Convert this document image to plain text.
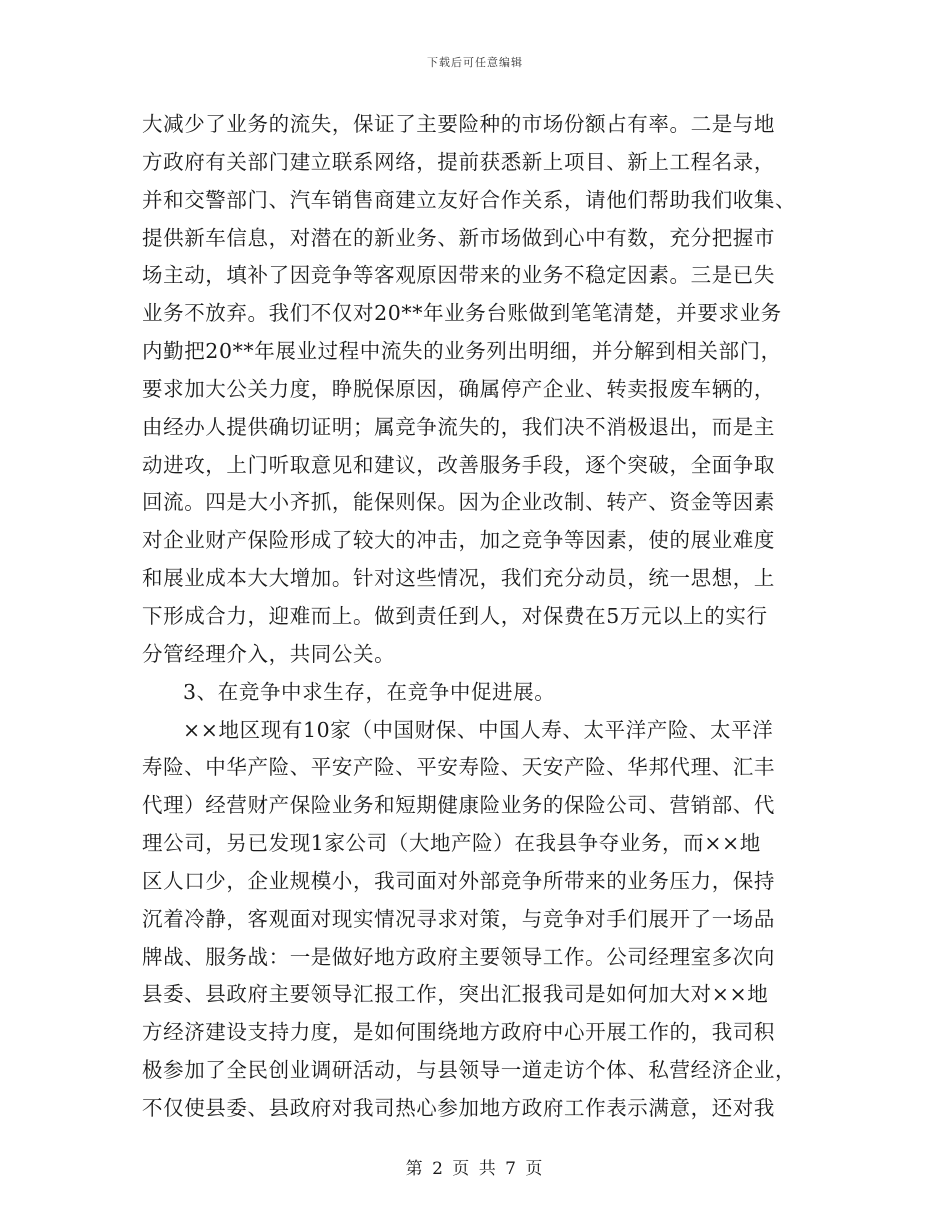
下载后可任意编辑
大减少了业务的流失，保证了主要险种的市场份额占有率。二是与地
方政府有关部门建立联系网络，提前获悉新上项目、新上工程名录，
并和交警部门、汽车销售商建立友好合作关系，请他们帮助我们收集、
提供新车信息，对潜在的新业务、新市场做到心中有数，充分把握市
场主动，填补了因竞争等客观原因带来的业务不稳定因素。三是已失
业务不放弃。我们不仅对20**年业务台账做到笔笔清楚，并要求业务
内勤把20**年展业过程中流失的业务列出明细，并分解到相关部门，
要求加大公关力度，睁脱保原因，确属停产企业、转卖报废车辆的，
由经办人提供确切证明；属竞争流失的，我们决不消极退出，而是主
动进攻，上门听取意见和建议，改善服务手段，逐个突破，全面争取
回流。四是大小齐抓，能保则保。因为企业改制、转产、资金等因素
对企业财产保险形成了较大的冲击，加之竞争等因素，使的展业难度
和展业成本大大增加。针对这些情况，我们充分动员，统一思想，上
下形成合力，迎难而上。做到责任到人，对保费在5万元以上的实行
分管经理介入，共同公关。
3、在竞争中求生存，在竞争中促进展。
××地区现有10家（中国财保、中国人寿、太平洋产险、太平洋
寿险、中华产险、平安产险、平安寿险、天安产险、华邦代理、汇丰
代理）经营财产保险业务和短期健康险业务的保险公司、营销部、代
理公司，另已发现1家公司（大地产险）在我县争夺业务，而××地
区人口少，企业规模小，我司面对外部竞争所带来的业务压力，保持
沉着冷静，客观面对现实情况寻求对策，与竞争对手们展开了一场品
牌战、服务战：一是做好地方政府主要领导工作。公司经理室多次向
县委、县政府主要领导汇报工作，突出汇报我司是如何加大对××地
方经济建设支持力度，是如何围绕地方政府中心开展工作的，我司积
极参加了全民创业调研活动，与县领导一道走访个体、私营经济企业，
不仅使县委、县政府对我司热心参加地方政府工作表示满意，还对我
第 2 页 共 7 页
